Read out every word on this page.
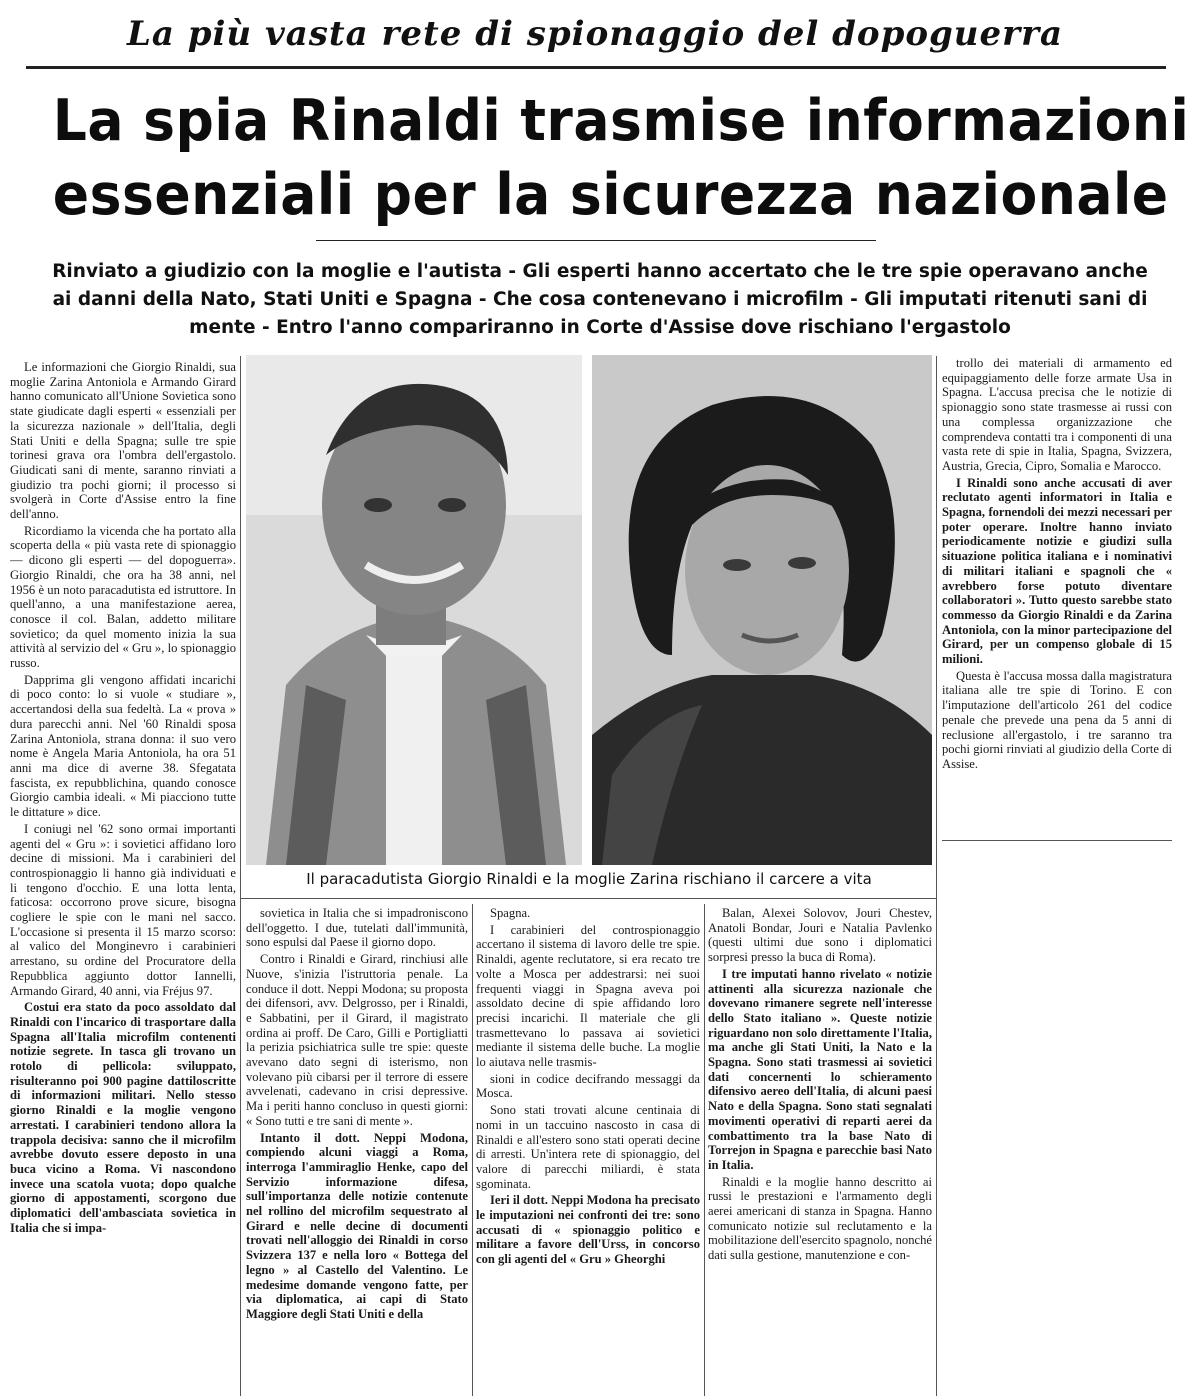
La più vasta rete di spionaggio del dopoguerra
La spia Rinaldi trasmise informazioni
essenziali per la sicurezza nazionale
Rinviato a giudizio con la moglie e l'autista - Gli esperti hanno accertato che le tre spie operavano anche ai danni della Nato, Stati Uniti e Spagna - Che cosa contenevano i microfilm - Gli imputati ritenuti sani di mente - Entro l'anno compariranno in Corte d'Assise dove rischiano l'ergastolo

Le informazioni che Giorgio Rinaldi, sua moglie Zarina Antoniola e Armando Girard hanno comunicato all'Unione Sovietica sono state giudicate dagli esperti « essenziali per la sicurezza nazionale » dell'Italia, degli Stati Uniti e della Spagna; sulle tre spie torinesi grava ora l'ombra dell'ergastolo. Giudicati sani di mente, saranno rinviati a giudizio tra pochi giorni; il processo si svolgerà in Corte d'Assise entro la fine dell'anno.

Ricordiamo la vicenda che ha portato alla scoperta della « più vasta rete di spionaggio — dicono gli esperti — del dopoguerra». Giorgio Rinaldi, che ora ha 38 anni, nel 1956 è un noto paracadutista ed istruttore. In quell'anno, a una manifestazione aerea, conosce il col. Balan, addetto militare sovietico; da quel momento inizia la sua attività al servizio del « Gru », lo spionaggio russo.

Dapprima gli vengono affidati incarichi di poco conto: lo si vuole « studiare », accertandosi della sua fedeltà. La « prova » dura parecchi anni. Nel '60 Rinaldi sposa Zarina Antoniola, strana donna: il suo vero nome è Angela Maria Antoniola, ha ora 51 anni ma dice di averne 38. Sfegatata fascista, ex repubblichina, quando conosce Giorgio cambia ideali. « Mi piacciono tutte le dittature » dice.

I coniugi nel '62 sono ormai importanti agenti del « Gru »: i sovietici affidano loro decine di missioni. Ma i carabinieri del controspionaggio li hanno già individuati e li tengono d'occhio. E una lotta lenta, faticosa: occorrono prove sicure, bisogna cogliere le spie con le mani nel sacco. L'occasione si presenta il 15 marzo scorso: al valico del Monginevro i carabinieri arrestano, su ordine del Procuratore della Repubblica aggiunto dottor Iannelli, Armando Girard, 40 anni, via Fréjus 97.

Costui era stato da poco assoldato dal Rinaldi con l'incarico di trasportare dalla Spagna all'Italia microfilm contenenti notizie segrete. In tasca gli trovano un rotolo di pellicola: sviluppato, risulteranno poi 900 pagine dattiloscritte di informazioni militari. Nello stesso giorno Rinaldi e la moglie vengono arrestati. I carabinieri tendono allora la trappola decisiva: sanno che il microfilm avrebbe dovuto essere deposto in una buca vicino a Roma. Vi nascondono invece una scatola vuota; dopo qualche giorno di appostamenti, scorgono due diplomatici dell'ambasciata sovietica in Italia che si impa-

Il paracadutista Giorgio Rinaldi e la moglie Zarina rischiano il carcere a vita

sovietica in Italia che si impadroniscono dell'oggetto. I due, tutelati dall'immunità, sono espulsi dal Paese il giorno dopo.

Contro i Rinaldi e Girard, rinchiusi alle Nuove, s'inizia l'istruttoria penale. La conduce il dott. Neppi Modona; su proposta dei difensori, avv. Delgrosso, per i Rinaldi, e Sabbatini, per il Girard, il magistrato ordina ai proff. De Caro, Gilli e Portigliatti la perizia psichiatrica sulle tre spie: queste avevano dato segni di isterismo, non volevano più cibarsi per il terrore di essere avvelenati, cadevano in crisi depressive. Ma i periti hanno concluso in questi giorni: « Sono tutti e tre sani di mente ».

Intanto il dott. Neppi Modona, compiendo alcuni viaggi a Roma, interroga l'ammiraglio Henke, capo del Servizio informazione difesa, sull'importanza delle notizie contenute nel rollino del microfilm sequestrato al Girard e nelle decine di documenti trovati nell'alloggio dei Rinaldi in corso Svizzera 137 e nella loro « Bottega del legno » al Castello del Valentino. Le medesime domande vengono fatte, per via diplomatica, ai capi di Stato Maggiore degli Stati Uniti e della

Spagna.

I carabinieri del controspionaggio accertano il sistema di lavoro delle tre spie. Rinaldi, agente reclutatore, si era recato tre volte a Mosca per addestrarsi: nei suoi frequenti viaggi in Spagna aveva poi assoldato decine di spie affidando loro precisi incarichi. Il materiale che gli trasmettevano lo passava ai sovietici mediante il sistema delle buche. La moglie lo aiutava nelle trasmis-

sioni in codice decifrando messaggi da Mosca.

Sono stati trovati alcune centinaia di nomi in un taccuino nascosto in casa di Rinaldi e all'estero sono stati operati decine di arresti. Un'intera rete di spionaggio, del valore di parecchi miliardi, è stata sgominata.

Ieri il dott. Neppi Modona ha precisato le imputazioni nei confronti dei tre: sono accusati di « spionaggio politico e militare a favore dell'Urss, in concorso con gli agenti del « Gru » Gheorghi

Balan, Alexei Solovov, Jouri Chestev, Anatoli Bondar, Jouri e Natalia Pavlenko (questi ultimi due sono i diplomatici sorpresi presso la buca di Roma).

I tre imputati hanno rivelato « notizie attinenti alla sicurezza nazionale che dovevano rimanere segrete nell'interesse dello Stato italiano ». Queste notizie riguardano non solo direttamente l'Italia, ma anche gli Stati Uniti, la Nato e la Spagna. Sono stati trasmessi ai sovietici dati concernenti lo schieramento difensivo aereo dell'Italia, di alcuni paesi Nato e della Spagna. Sono stati segnalati movimenti operativi di reparti aerei da combattimento tra la base Nato di Torrejon in Spagna e parecchie basi Nato in Italia.

Rinaldi e la moglie hanno descritto ai russi le prestazioni e l'armamento degli aerei americani di stanza in Spagna. Hanno comunicato notizie sul reclutamento e la mobilitazione dell'esercito spagnolo, nonché dati sulla gestione, manutenzione e con-

trollo dei materiali di armamento ed equipaggiamento delle forze armate Usa in Spagna. L'accusa precisa che le notizie di spionaggio sono state trasmesse ai russi con una complessa organizzazione che comprendeva contatti tra i componenti di una vasta rete di spie in Italia, Spagna, Svizzera, Austria, Grecia, Cipro, Somalia e Marocco.

I Rinaldi sono anche accusati di aver reclutato agenti informatori in Italia e Spagna, fornendoli dei mezzi necessari per poter operare. Inoltre hanno inviato periodicamente notizie e giudizi sulla situazione politica italiana e i nominativi di militari italiani e spagnoli che « avrebbero forse potuto diventare collaboratori ». Tutto questo sarebbe stato commesso da Giorgio Rinaldi e da Zarina Antoniola, con la minor partecipazione del Girard, per un compenso globale di 15 milioni.

Questa è l'accusa mossa dalla magistratura italiana alle tre spie di Torino. E con l'imputazione dell'articolo 261 del codice penale che prevede una pena da 5 anni di reclusione all'ergastolo, i tre saranno tra pochi giorni rinviati al giudizio della Corte di Assise.
